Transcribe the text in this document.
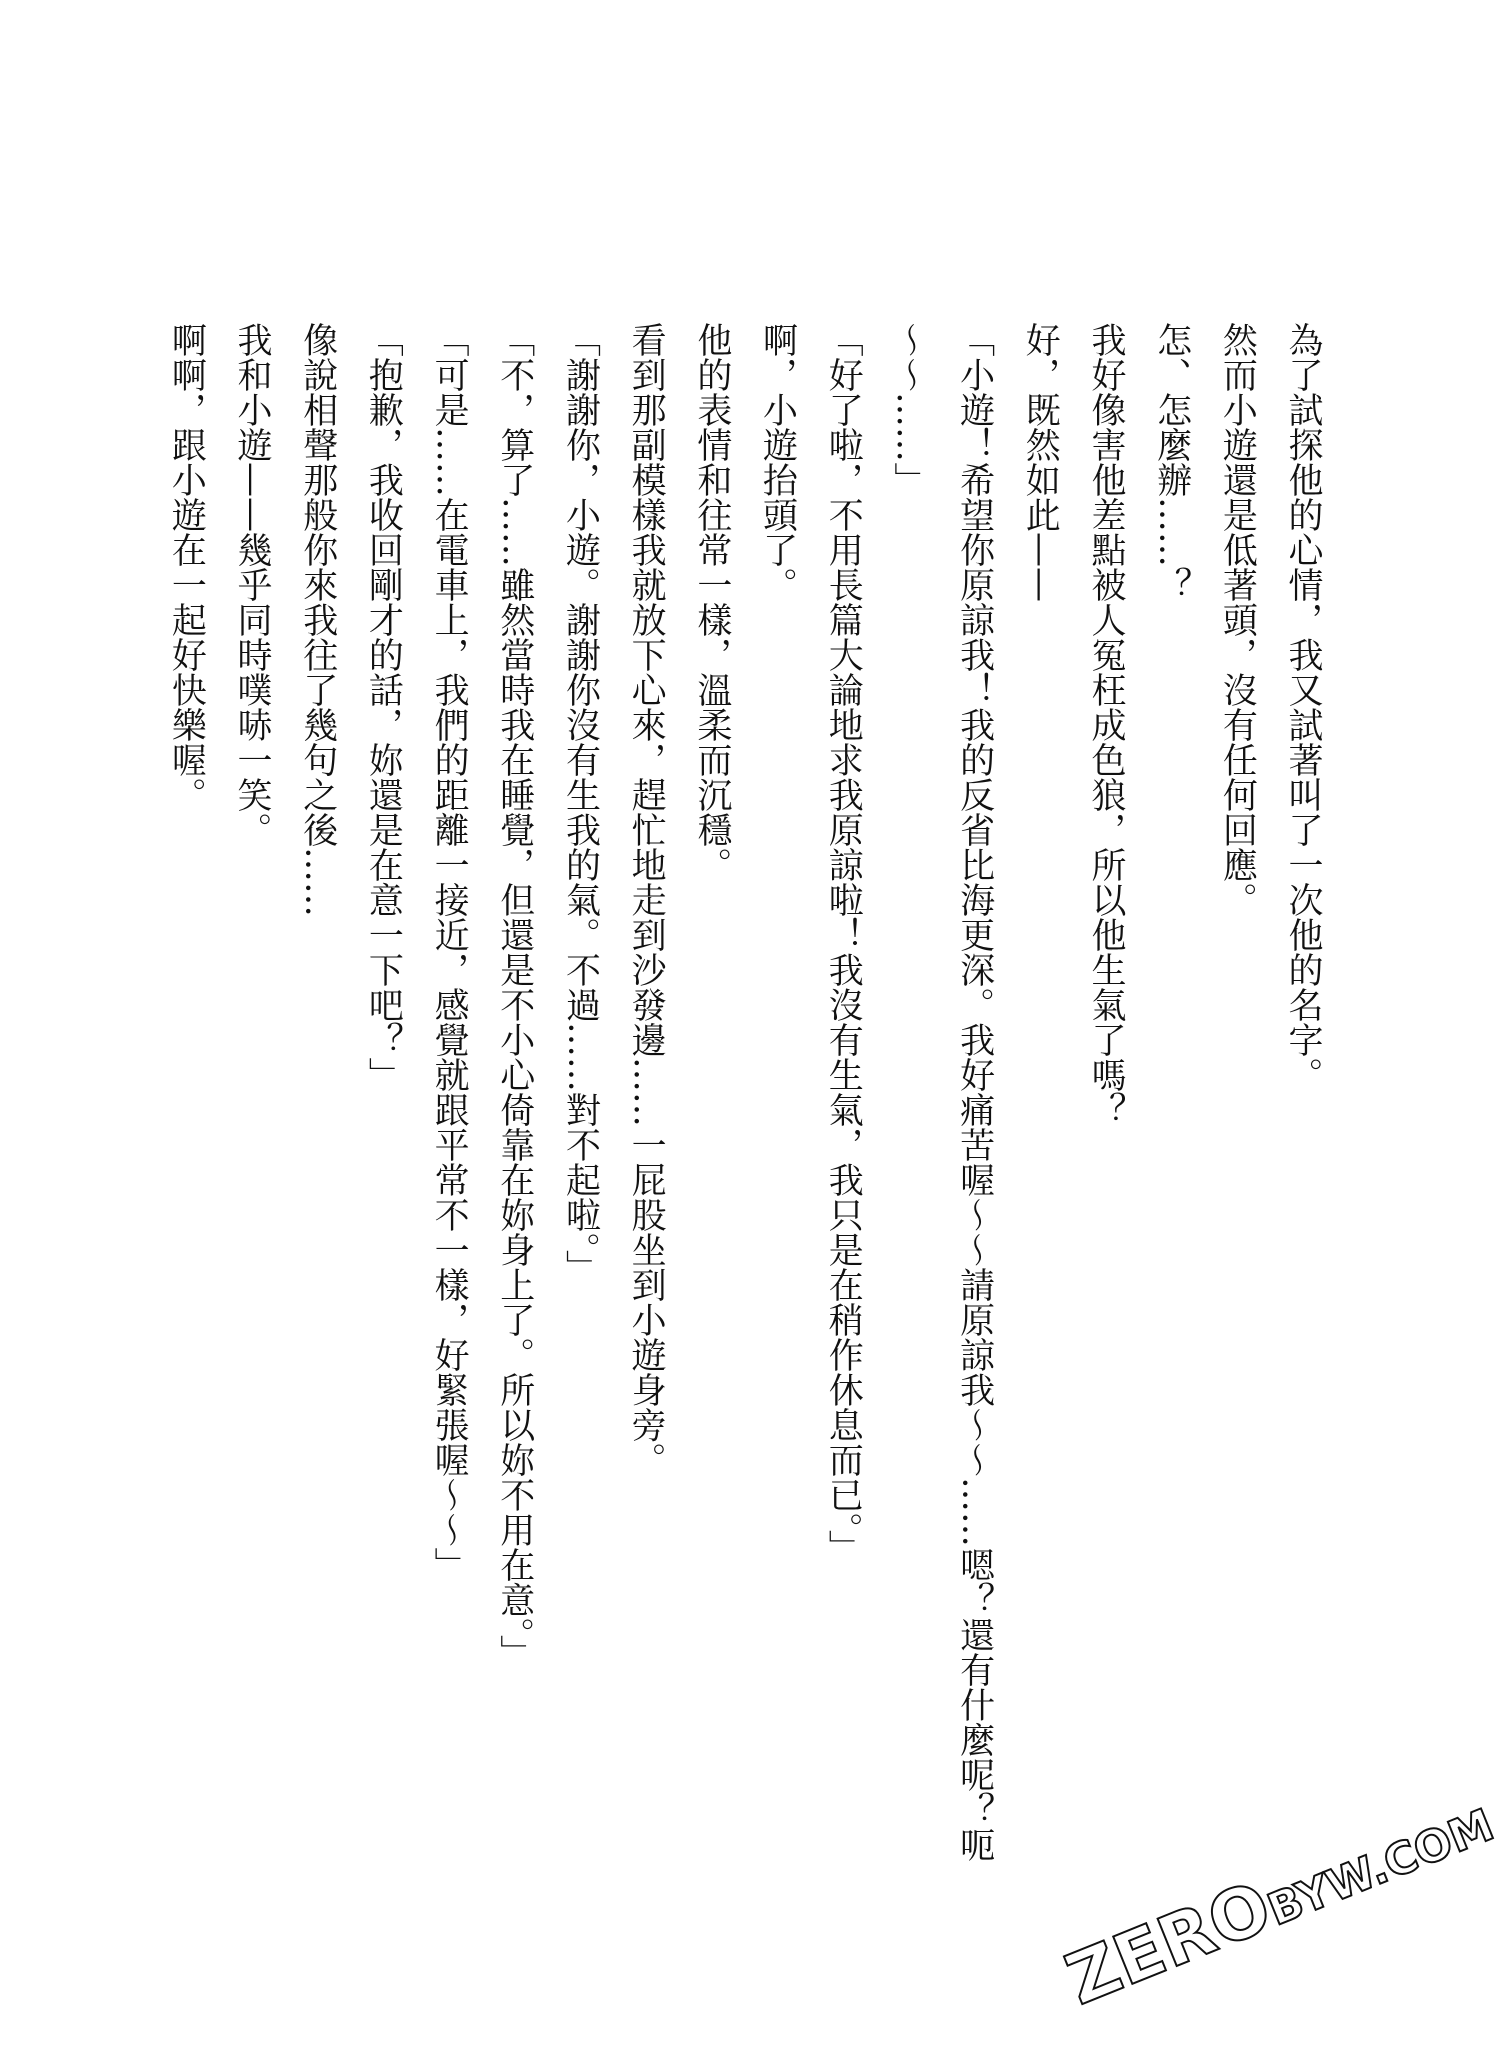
為了試探他的心情，我又試著叫了一次他的名字。

然而小遊還是低著頭，沒有任何回應。

怎、怎麼辦……？

我好像害他差點被人冤枉成色狼，所以他生氣了嗎？

好，既然如此——

「小遊！希望你原諒我！我的反省比海更深。我好痛苦喔～～請原諒我～～……嗯？還有什麼呢？呃

～～……」

「好了啦，不用長篇大論地求我原諒啦！我沒有生氣，我只是在稍作休息而已。」

啊，小遊抬頭了。

他的表情和往常一樣，溫柔而沉穩。

看到那副模樣我就放下心來，趕忙地走到沙發邊……一屁股坐到小遊身旁。

「謝謝你，小遊。謝謝你沒有生我的氣。不過……對不起啦。」

「不，算了……雖然當時我在睡覺，但還是不小心倚靠在妳身上了。所以妳不用在意。」

「可是……在電車上，我們的距離一接近，感覺就跟平常不一樣，好緊張喔～～」

「抱歉，我收回剛才的話，妳還是在意一下吧？」

像說相聲那般你來我往了幾句之後……

我和小遊——幾乎同時噗哧一笑。

啊啊，跟小遊在一起好快樂喔。

ZEROBYW.COM
